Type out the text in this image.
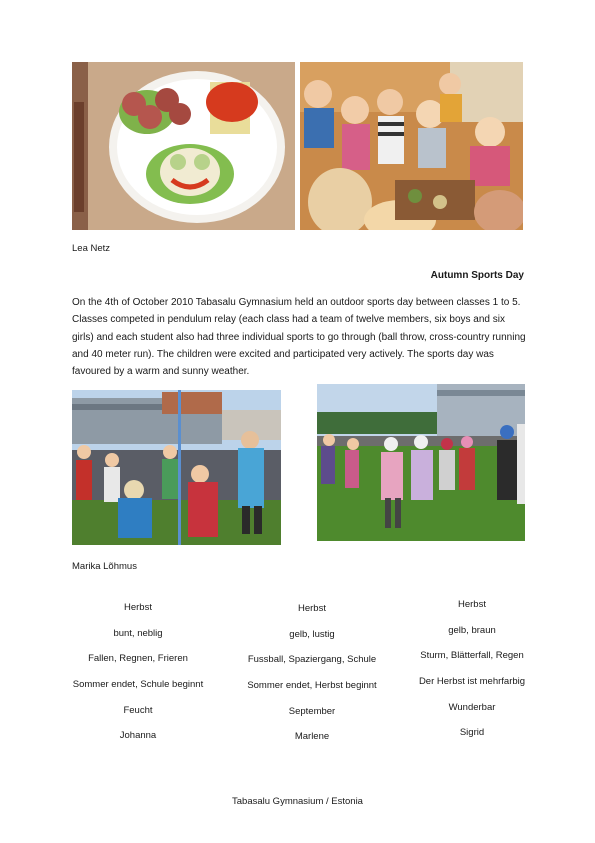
Lea Netz
Autumn Sports Day

On the 4th of October 2010 Tabasalu Gymnasium held an outdoor sports day between classes 1 to 5. Classes competed in pendulum relay (each class had a team of twelve members, six boys and six girls) and each student also had three individual sports to go through (ball throw, cross-country running and 40 meter run). The children were excited and participated very actively. The sports day was favoured by a warm and sunny weather.

Marika Lõhmus
Herbst
bunt, neblig
Fallen, Regnen, Frieren
Sommer endet, Schule beginnt
Feucht
Johanna
Herbst
gelb, lustig
Fussball, Spaziergang, Schule
Sommer endet, Herbst beginnt
September
Marlene
Herbst
gelb, braun
Sturm, Blätterfall, Regen
Der Herbst ist mehrfarbig
Wunderbar
Sigrid
Tabasalu Gymnasium / Estonia
